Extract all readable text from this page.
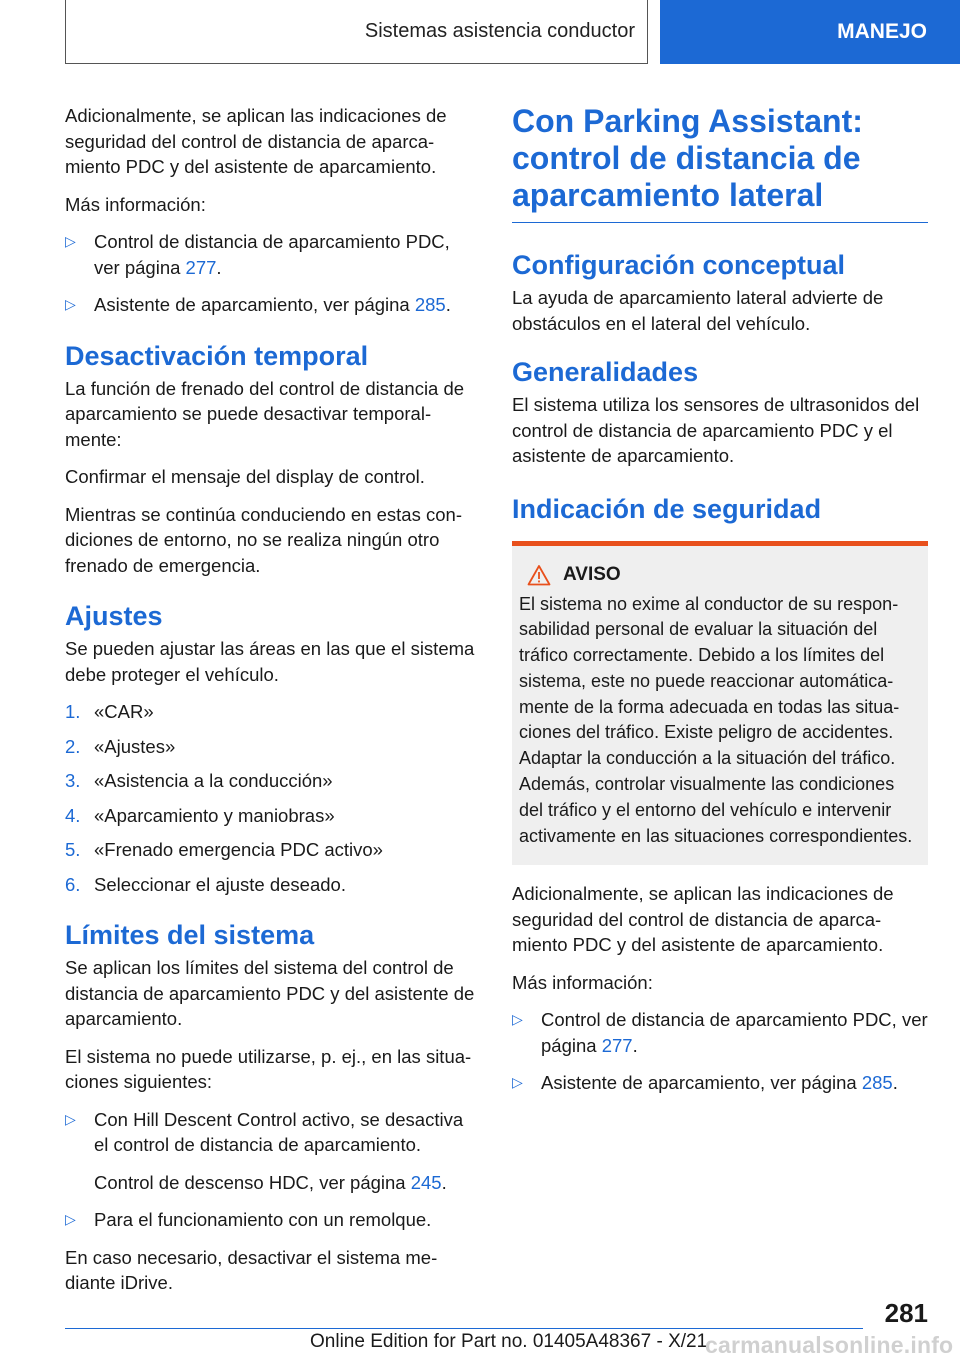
Sistemas asistencia conductor	MANEJO

Adicionalmente, se aplican las indicaciones de seguridad del control de distancia de aparcamiento PDC y del asistente de aparcamiento.

Más información:

▷ Control de distancia de aparcamiento PDC, ver página 277.
▷ Asistente de aparcamiento, ver página 285.
Desactivación temporal

La función de frenado del control de distancia de aparcamiento se puede desactivar temporalmente:

Confirmar el mensaje del display de control.

Mientras se continúa conduciendo en estas condiciones de entorno, no se realiza ningún otro frenado de emergencia.

Ajustes

Se pueden ajustar las áreas en las que el sistema debe proteger el vehículo.

1. «CAR»
2. «Ajustes»
3. «Asistencia a la conducción»
4. «Aparcamiento y maniobras»
5. «Frenado emergencia PDC activo»
6. Seleccionar el ajuste deseado.
Límites del sistema

Se aplican los límites del sistema del control de distancia de aparcamiento PDC y del asistente de aparcamiento.

El sistema no puede utilizarse, p. ej., en las situaciones siguientes:

▷ Con Hill Descent Control activo, se desactiva el control de distancia de aparcamiento.

Control de descenso HDC, ver página 245.

▷ Para el funcionamiento con un remolque.

En caso necesario, desactivar el sistema mediante iDrive.

Con Parking Assistant: control de distancia de aparcamiento lateral
Configuración conceptual

La ayuda de aparcamiento lateral advierte de obstáculos en el lateral del vehículo.

Generalidades

El sistema utiliza los sensores de ultrasonidos del control de distancia de aparcamiento PDC y el asistente de aparcamiento.

Indicación de seguridad
AVISO

El sistema no exime al conductor de su responsabilidad personal de evaluar la situación del tráfico correctamente. Debido a los límites del sistema, este no puede reaccionar automáticamente de la forma adecuada en todas las situaciones del tráfico. Existe peligro de accidentes. Adaptar la conducción a la situación del tráfico. Además, controlar visualmente las condiciones del tráfico y el entorno del vehículo e intervenir activamente en las situaciones correspondientes.

Adicionalmente, se aplican las indicaciones de seguridad del control de distancia de aparcamiento PDC y del asistente de aparcamiento.

Más información:

▷ Control de distancia de aparcamiento PDC, ver página 277.
▷ Asistente de aparcamiento, ver página 285.
281
Online Edition for Part no. 01405A48367 - X/21
carmanualsonline.info
